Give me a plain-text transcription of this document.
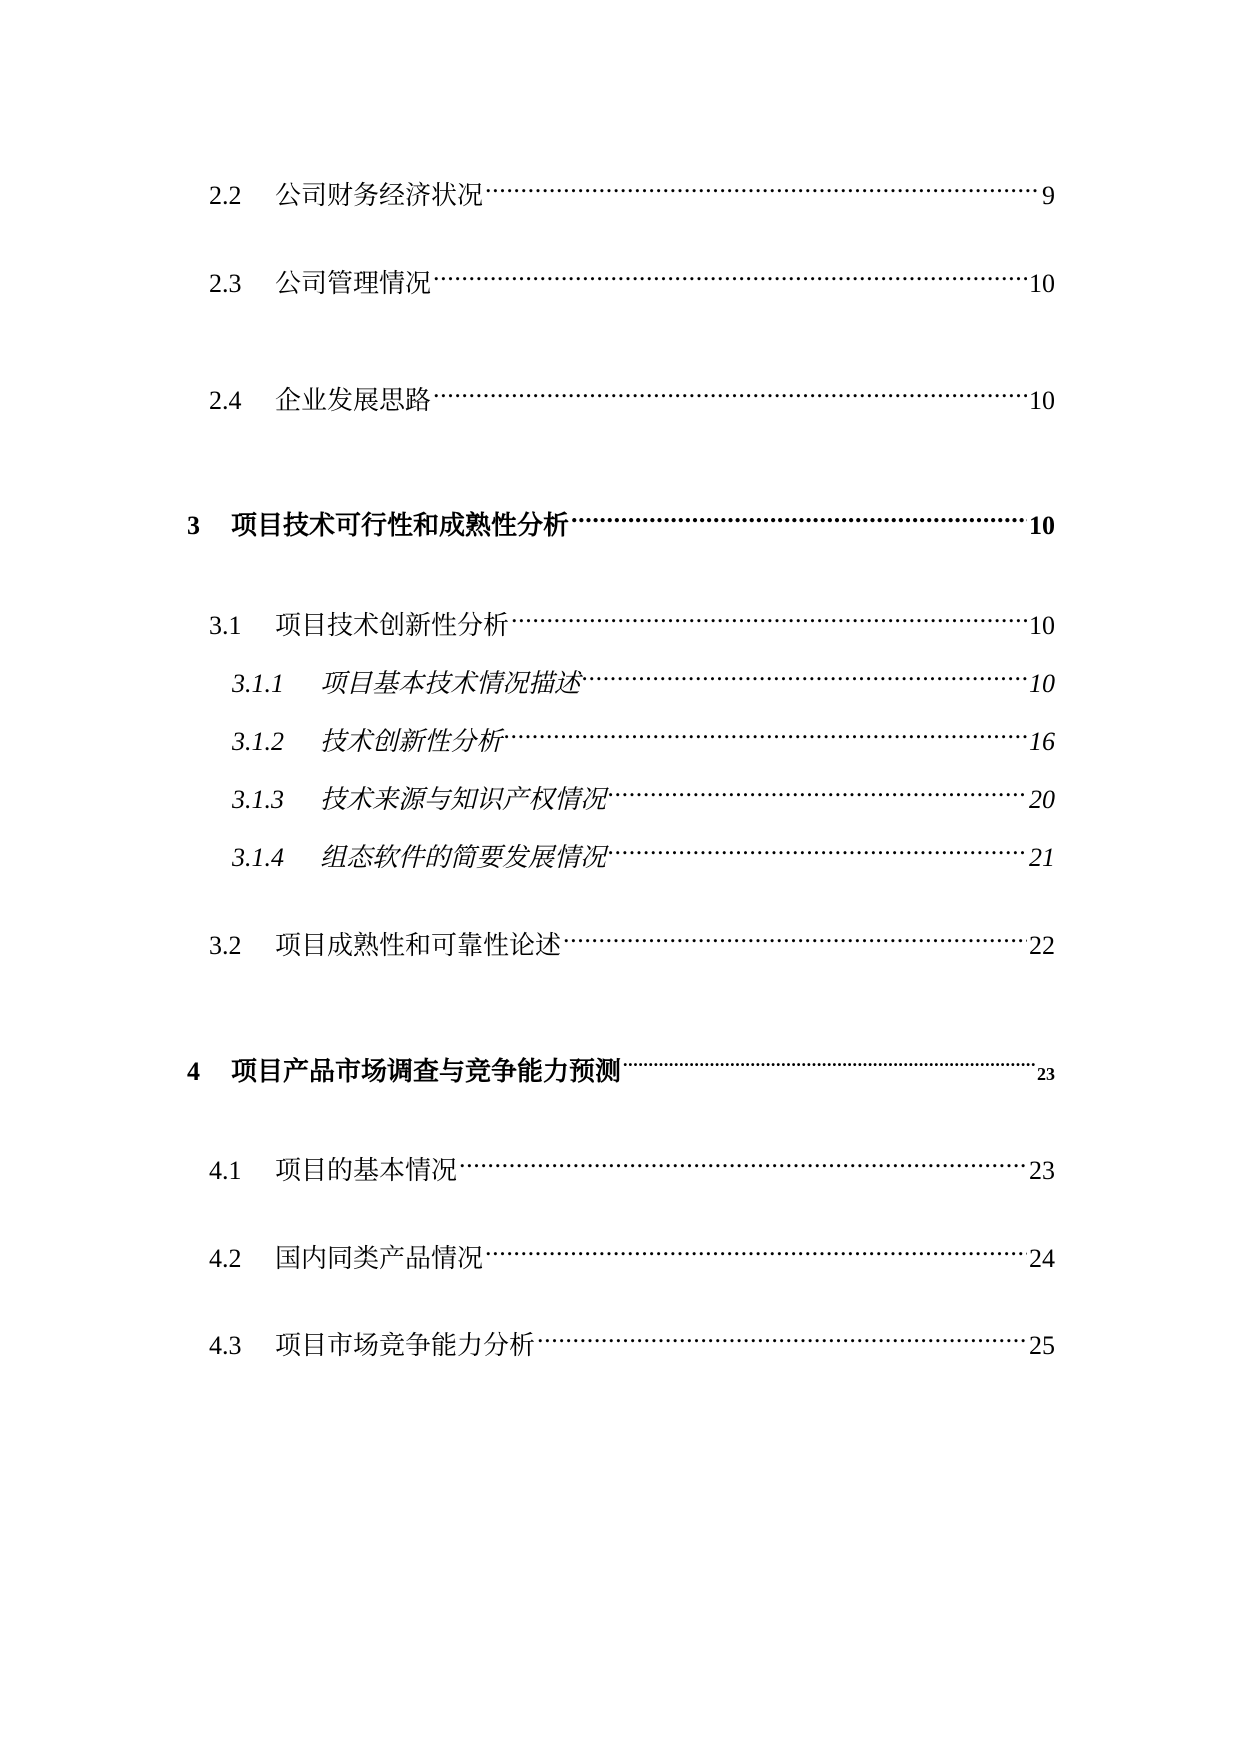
2.2	公司财务经济状况 .....	9
2.3	公司管理情况 .....	10
2.4	企业发展思路 .....	10
3	项目技术可行性和成熟性分析 .....	10
3.1	项目技术创新性分析 .....	10
3.1.1	项目基本技术情况描述 .....	10
3.1.2	技术创新性分析 .....	16
3.1.3	技术来源与知识产权情况 .....	20
3.1.4	组态软件的简要发展情况 .....	21
3.2	项目成熟性和可靠性论述 .....	22
4	项目产品市场调查与竞争能力预测 .....	23
4.1	项目的基本情况 .....	23
4.2	国内同类产品情况 .....	24
4.3	项目市场竞争能力分析 .....	25
